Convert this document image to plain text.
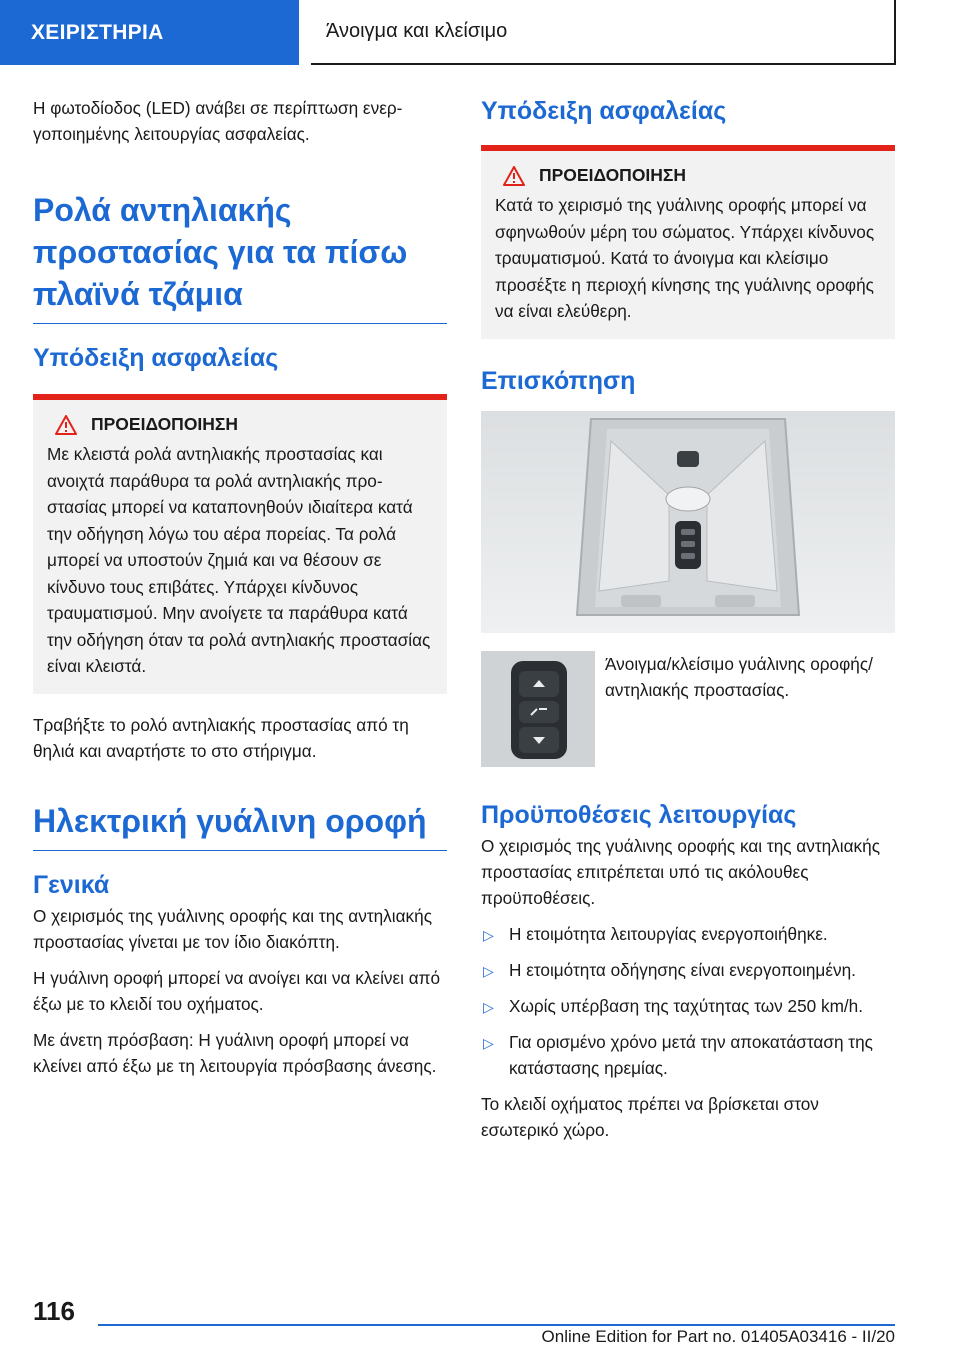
ΧΕΙΡΙΣΤΗΡΙΑ	Άνοιγμα και κλείσιμο

Η φωτοδίοδος (LED) ανάβει σε περίπτωση ενεργοποιημένης λειτουργίας ασφαλείας.

Ρολά αντηλιακής προστασίας για τα πίσω πλαϊνά τζάμια
Υπόδειξη ασφαλείας
ΠΡΟΕΙΔΟΠΟΙΗΣΗ

Με κλειστά ρολά αντηλιακής προστασίας και ανοιχτά παράθυρα τα ρολά αντηλιακής προστασίας μπορεί να καταπονηθούν ιδιαίτερα κατά την οδήγηση λόγω του αέρα πορείας. Τα ρολά μπορεί να υποστούν ζημιά και να θέσουν σε κίνδυνο τους επιβάτες. Υπάρχει κίνδυνος τραυματισμού. Μην ανοίγετε τα παράθυρα κατά την οδήγηση όταν τα ρολά αντηλιακής προστασίας είναι κλειστά.

Τραβήξτε το ρολό αντηλιακής προστασίας από τη θηλιά και αναρτήστε το στο στήριγμα.

Ηλεκτρική γυάλινη οροφή
Γενικά

Ο χειρισμός της γυάλινης οροφής και της αντηλιακής προστασίας γίνεται με τον ίδιο διακόπτη.

Η γυάλινη οροφή μπορεί να ανοίγει και να κλείνει από έξω με το κλειδί του οχήματος.

Με άνετη πρόσβαση: Η γυάλινη οροφή μπορεί να κλείνει από έξω με τη λειτουργία πρόσβασης άνεσης.

Υπόδειξη ασφαλείας
ΠΡΟΕΙΔΟΠΟΙΗΣΗ

Κατά το χειρισμό της γυάλινης οροφής μπορεί να σφηνωθούν μέρη του σώματος. Υπάρχει κίνδυνος τραυματισμού. Κατά το άνοιγμα και κλείσιμο προσέξτε η περιοχή κίνησης της γυάλινης οροφής να είναι ελεύθερη.

Επισκόπηση

Άνοιγμα/κλείσιμο γυάλινης οροφής/αντηλιακής προστασίας.

Προϋποθέσεις λειτουργίας

Ο χειρισμός της γυάλινης οροφής και της αντηλιακής προστασίας επιτρέπεται υπό τις ακόλουθες προϋποθέσεις.

▷ Η ετοιμότητα λειτουργίας ενεργοποιήθηκε.
▷ Η ετοιμότητα οδήγησης είναι ενεργοποιημένη.
▷ Χωρίς υπέρβαση της ταχύτητας των 250 km/h.
▷ Για ορισμένο χρόνο μετά την αποκατάσταση της κατάστασης ηρεμίας.

Το κλειδί οχήματος πρέπει να βρίσκεται στον εσωτερικό χώρο.

116
Online Edition for Part no. 01405A03416 - II/20
